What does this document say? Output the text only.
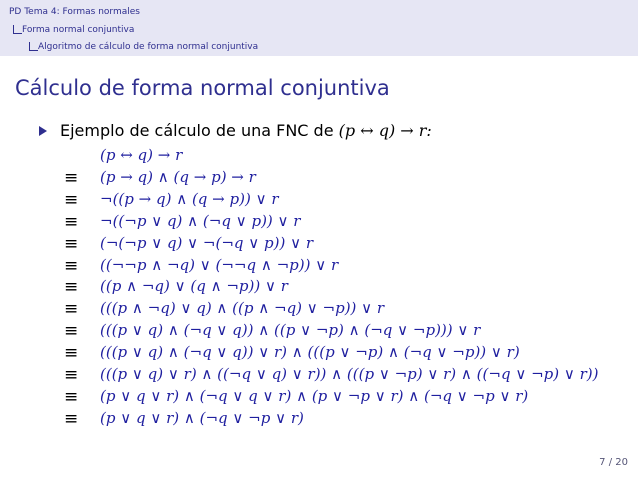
PD Tema 4: Formas normales
Forma normal conjuntiva
Algoritmo de cálculo de forma normal conjuntiva
Cálculo de forma normal conjuntiva
Ejemplo de cálculo de una FNC de (p ↔ q) → r:
(p ↔ q) → r
≡ (p → q) ∧ (q → p) → r
≡ ¬((p → q) ∧ (q → p)) ∨ r
≡ ¬((¬p ∨ q) ∧ (¬q ∨ p)) ∨ r
≡ (¬(¬p ∨ q) ∨ ¬(¬q ∨ p)) ∨ r
≡ ((¬¬p ∧ ¬q) ∨ (¬¬q ∧ ¬p)) ∨ r
≡ ((p ∧ ¬q) ∨ (q ∧ ¬p)) ∨ r
≡ (((p ∧ ¬q) ∨ q) ∧ ((p ∧ ¬q) ∨ ¬p)) ∨ r
≡ (((p ∨ q) ∧ (¬q ∨ q)) ∧ ((p ∨ ¬p) ∧ (¬q ∨ ¬p))) ∨ r
≡ (((p ∨ q) ∧ (¬q ∨ q)) ∨ r) ∧ (((p ∨ ¬p) ∧ (¬q ∨ ¬p)) ∨ r)
≡ (((p ∨ q) ∨ r) ∧ ((¬q ∨ q) ∨ r)) ∧ (((p ∨ ¬p) ∨ r) ∧ ((¬q ∨ ¬p) ∨ r))
≡ (p ∨ q ∨ r) ∧ (¬q ∨ q ∨ r) ∧ (p ∨ ¬p ∨ r) ∧ (¬q ∨ ¬p ∨ r)
≡ (p ∨ q ∨ r) ∧ (¬q ∨ ¬p ∨ r)
7 / 20
